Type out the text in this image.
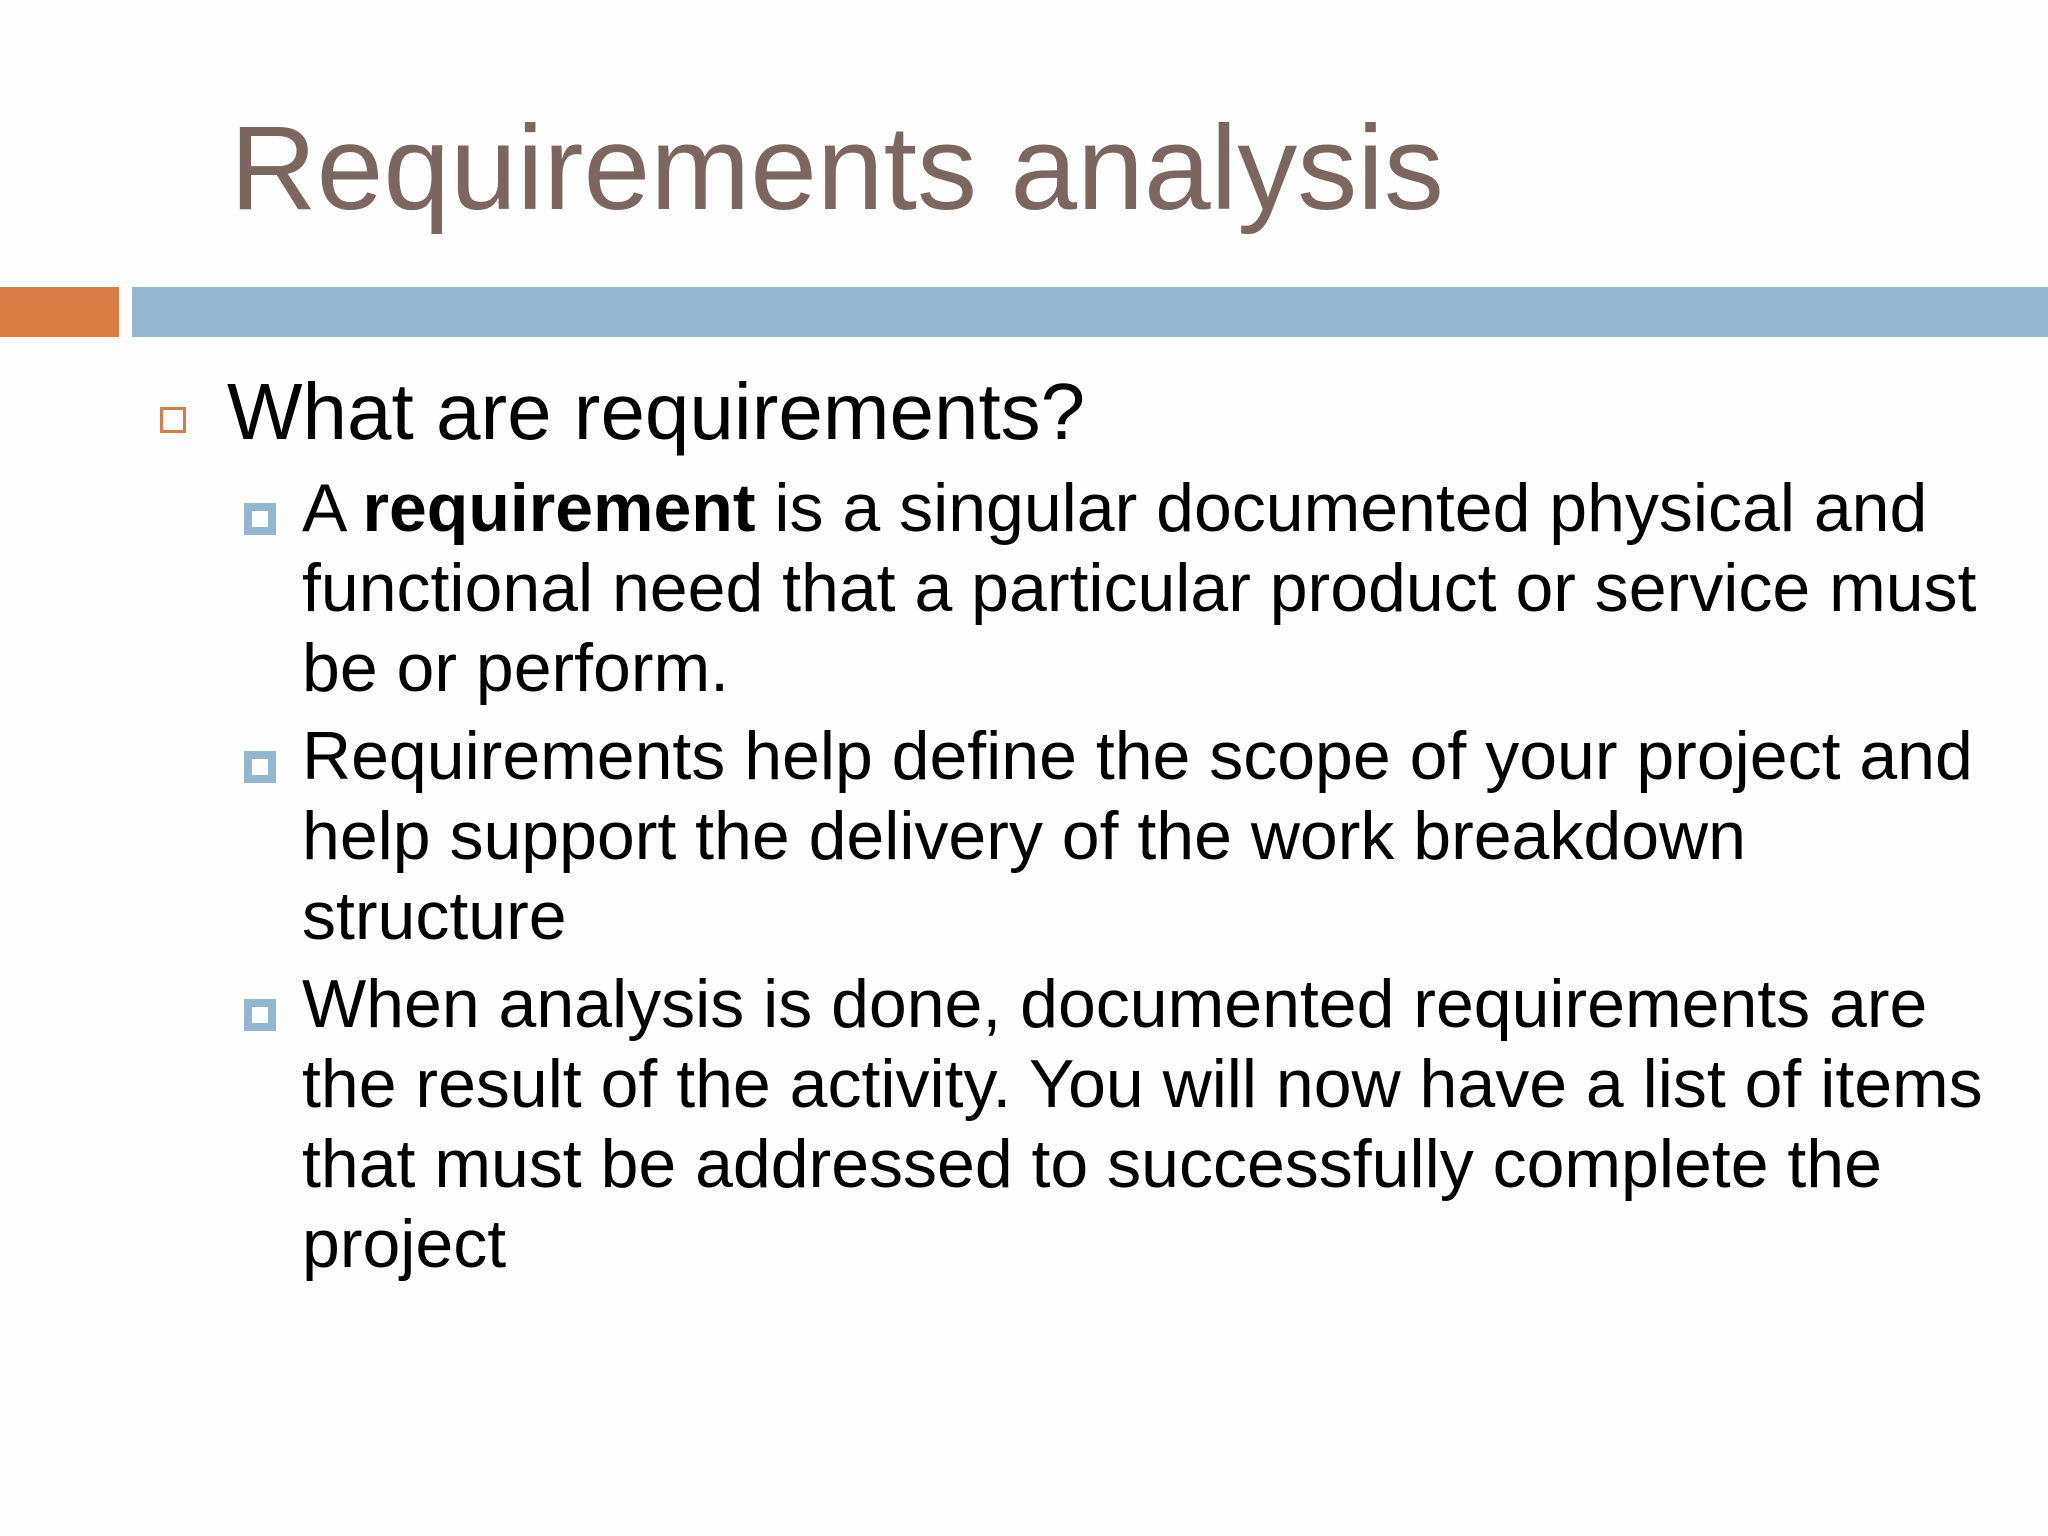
Requirements analysis
What are requirements?
A requirement is a singular documented physical and functional need that a particular product or service must be or perform.
Requirements help define the scope of your project and help support the delivery of the work breakdown structure
When analysis is done, documented requirements are the result of the activity. You will now have a list of items that must be addressed to successfully complete the project
